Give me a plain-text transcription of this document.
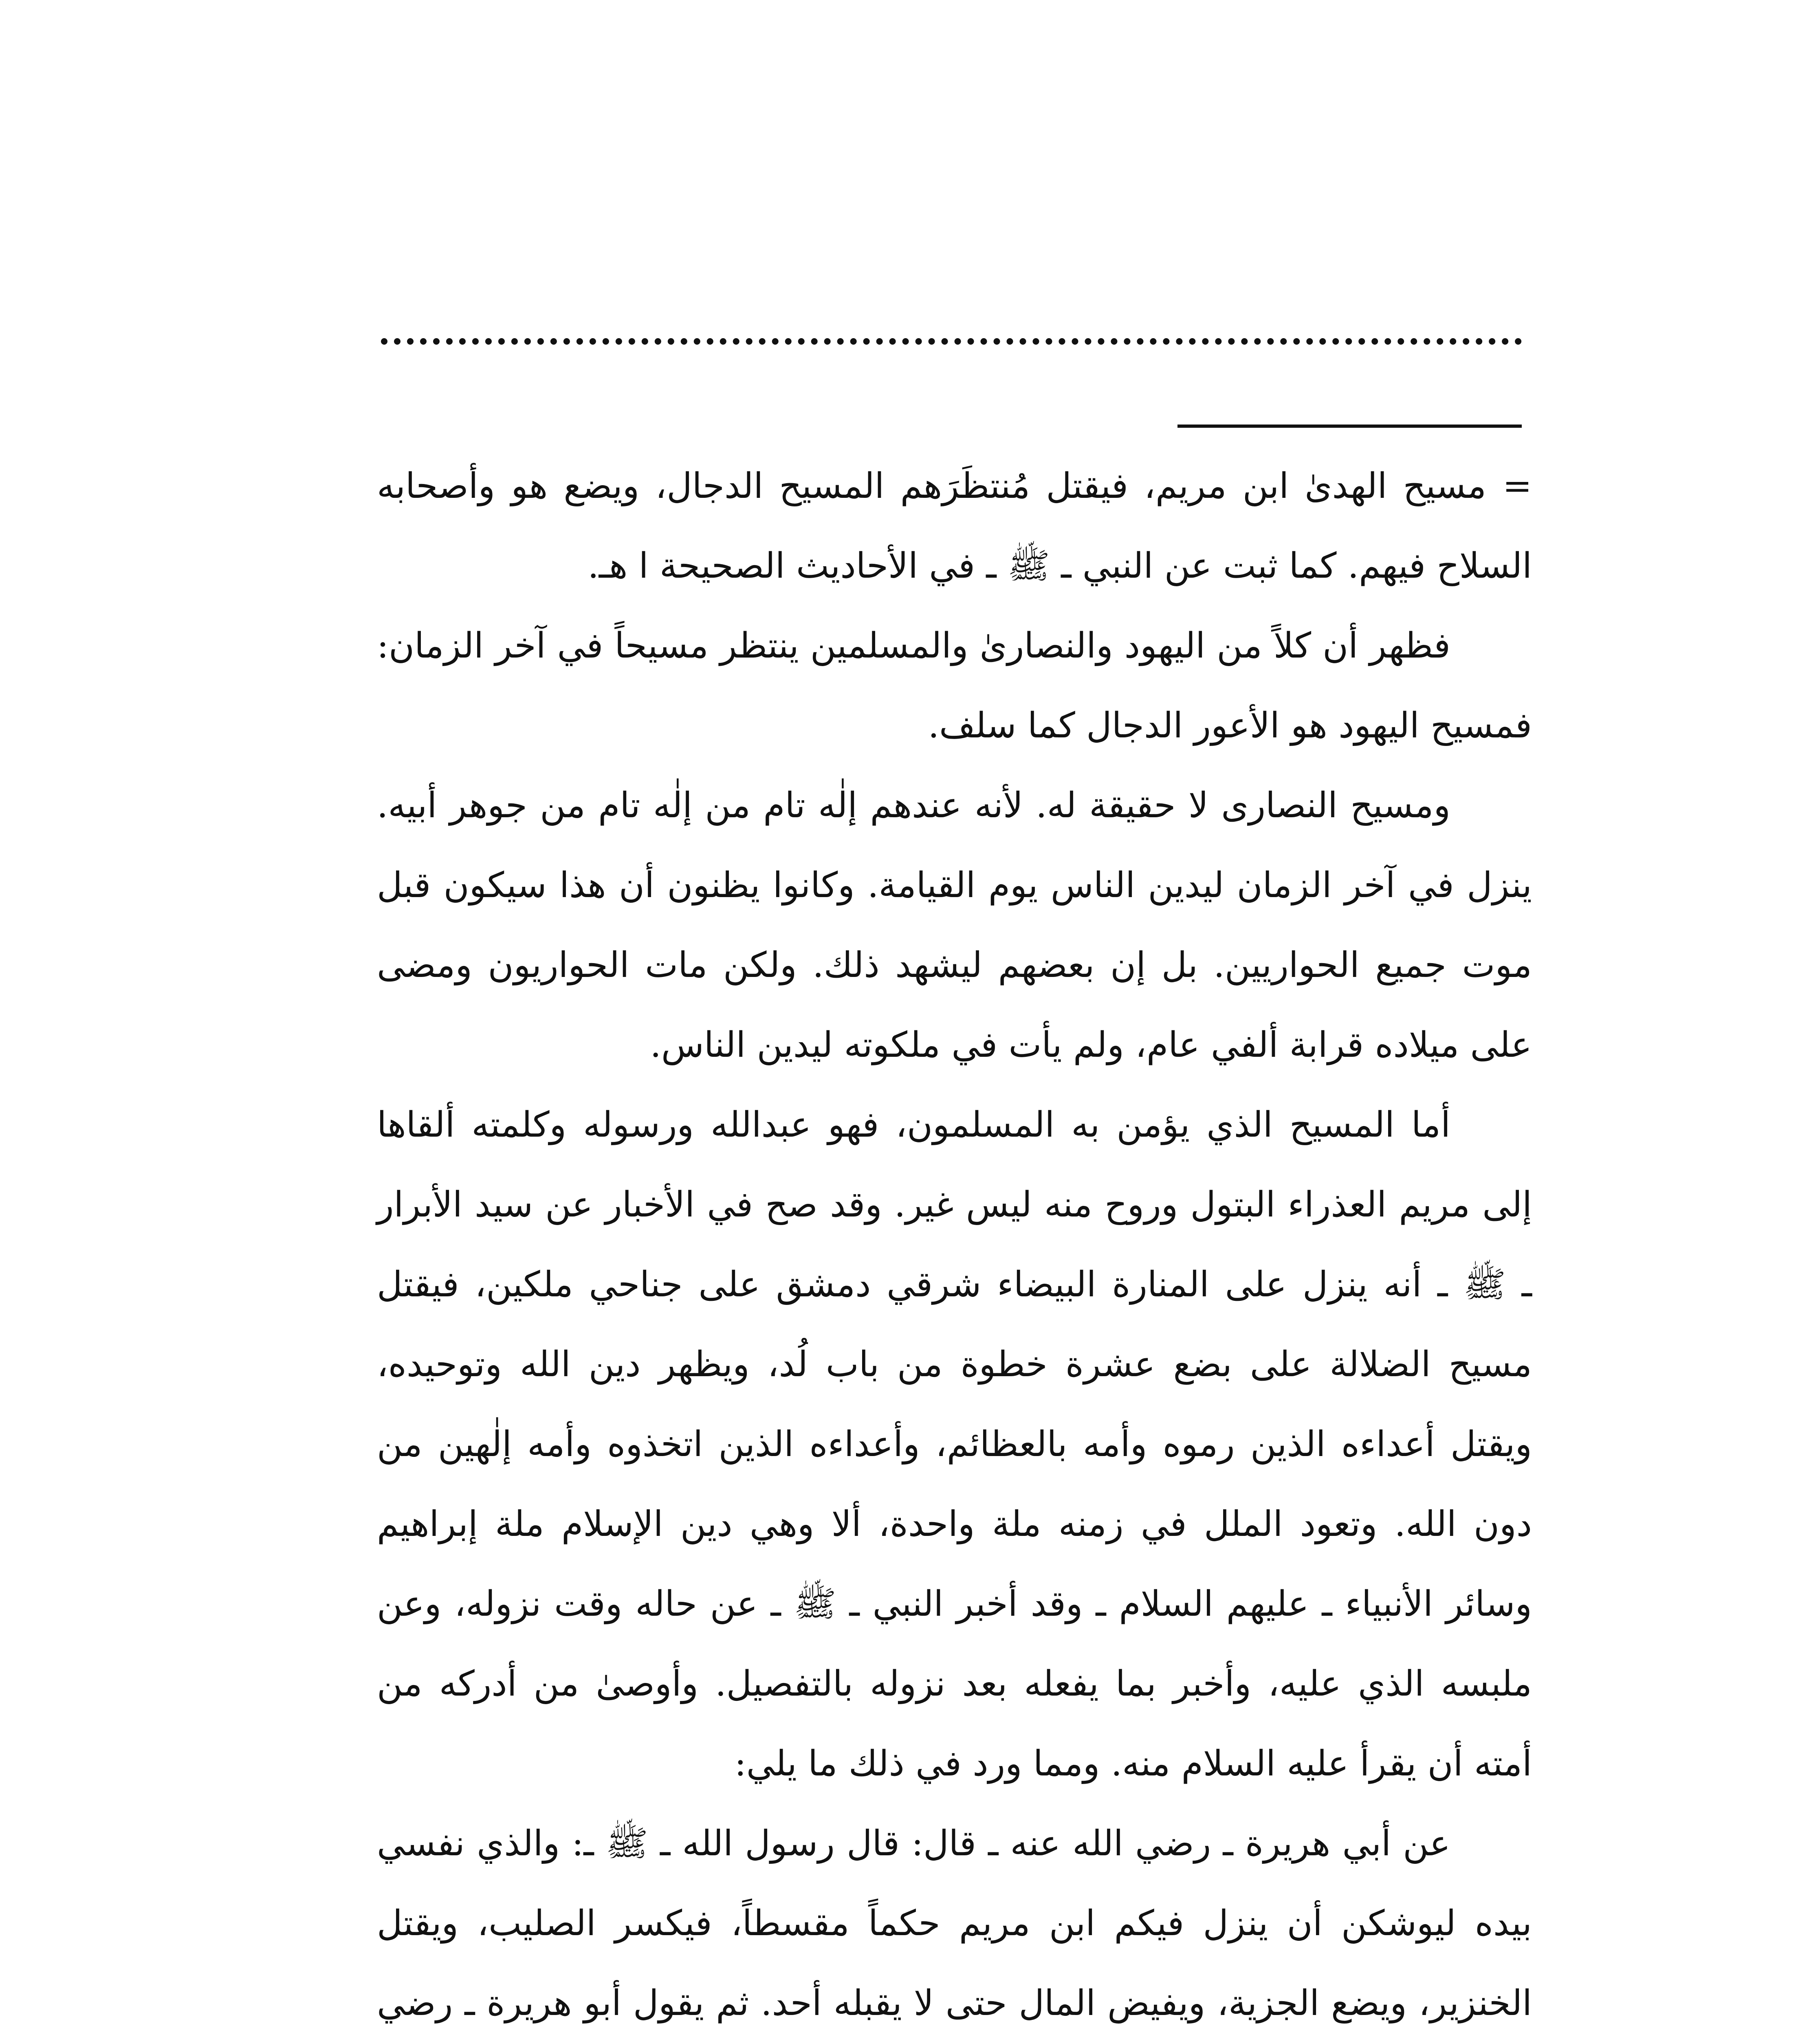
=مسيح الهدىٰ ابن مريم، فيقتل مُنتظَرَهم المسيح الدجال، ويضع هو وأصحابه السلاح فيهم. كما ثبت عن النبي ـ ﷺ ـ في الأحاديث الصحيحة ا هـ.

فظهر أن كلاً من اليهود والنصارىٰ والمسلمين ينتظر مسيحاً في آخر الزمان: فمسيح اليهود هو الأعور الدجال كما سلف.

ومسيح النصارى لا حقيقة له. لأنه عندهم إلٰه تام من إلٰه تام من جوهر أبيه. ينزل في آخر الزمان ليدين الناس يوم القيامة. وكانوا يظنون أن هذا سيكون قبل موت جميع الحواريين. بل إن بعضهم ليشهد ذلك. ولكن مات الحواريون ومضى على ميلاده قرابة ألفي عام، ولم يأت في ملكوته ليدين الناس.

أما المسيح الذي يؤمن به المسلمون، فهو عبدالله ورسوله وكلمته ألقاها إلى مريم العذراء البتول وروح منه ليس غير. وقد صح في الأخبار عن سيد الأبرار ـ ﷺ ـ أنه ينزل على المنارة البيضاء شرقي دمشق على جناحي ملكين، فيقتل مسيح الضلالة على بضع عشرة خطوة من باب لُد، ويظهر دين الله وتوحيده، ويقتل أعداءه الذين رموه وأمه بالعظائم، وأعداءه الذين اتخذوه وأمه إلٰهين من دون الله. وتعود الملل في زمنه ملة واحدة، ألا وهي دين الإسلام ملة إبراهيم وسائر الأنبياء ـ عليهم السلام ـ وقد أخبر النبي ـ ﷺ ـ عن حاله وقت نزوله، وعن ملبسه الذي عليه، وأخبر بما يفعله بعد نزوله بالتفصيل. وأوصىٰ من أدركه من أمته أن يقرأ عليه السلام منه. ومما ورد في ذلك ما يلي:

عن أبي هريرة ـ رضي الله عنه ـ قال: قال رسول الله ـ ﷺ ـ: والذي نفسي بيده ليوشكن أن ينزل فيكم ابن مريم حكماً مقسطاً، فيكسر الصليب، ويقتل الخنزير، ويضع الجزية، ويفيض المال حتى لا يقبله أحد. ثم يقول أبو هريرة ـ رضي
